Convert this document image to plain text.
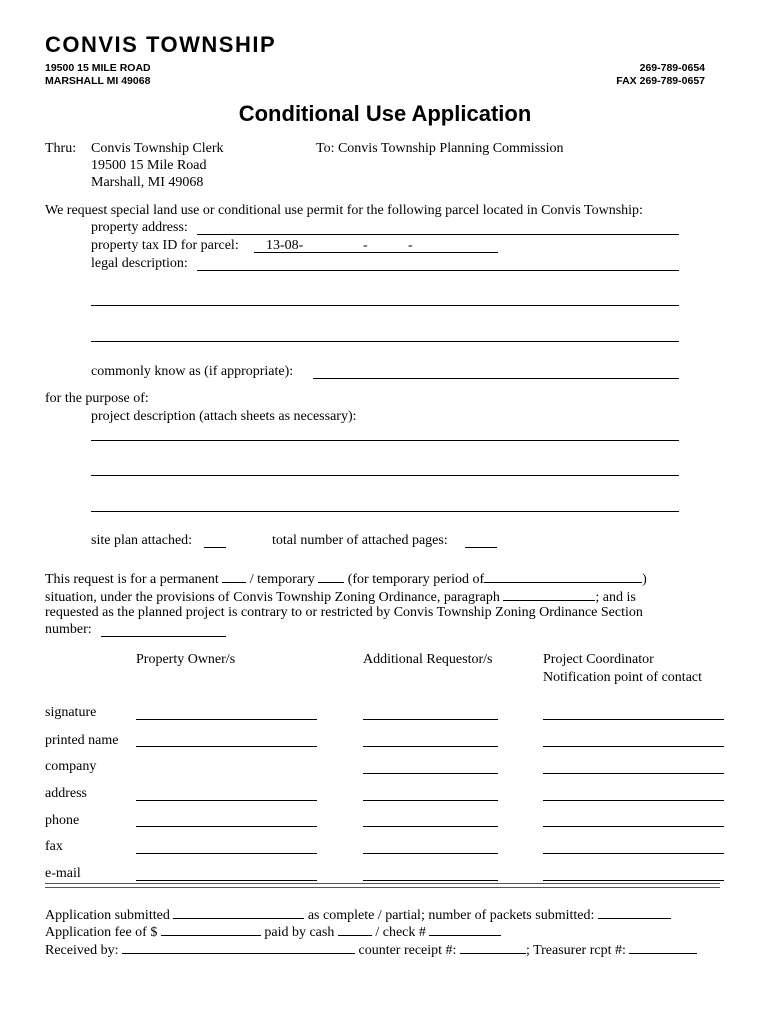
CONVIS TOWNSHIP
19500 15 MILE ROAD
MARSHALL MI 49068
269-789-0654
FAX 269-789-0657
Conditional Use Application
Thru: Convis Township Clerk
19500 15 Mile Road
Marshall, MI 49068
To: Convis Township Planning Commission
We request special land use or conditional use permit for the following parcel located in Convis Township:
property address:
property tax ID for parcel: 13-08-	-	-
legal description:
commonly know as (if appropriate):
for the purpose of:
project description (attach sheets as necessary):
site plan attached:	total number of attached pages:
This request is for a permanent / temporary (for temporary period of	)
situation, under the provisions of Convis Township Zoning Ordinance, paragraph	; and is
requested as the planned project is contrary to or restricted by Convis Township Zoning Ordinance Section
number:
Property Owner/s	Additional Requestor/s	Project Coordinator
Notification point of contact
signature
printed name
company
address
phone
fax
e-mail
Application submitted	as complete / partial; number of packets submitted:
Application fee of $	paid by cash	/ check #
Received by:	counter receipt #:	; Treasurer rcpt #:
